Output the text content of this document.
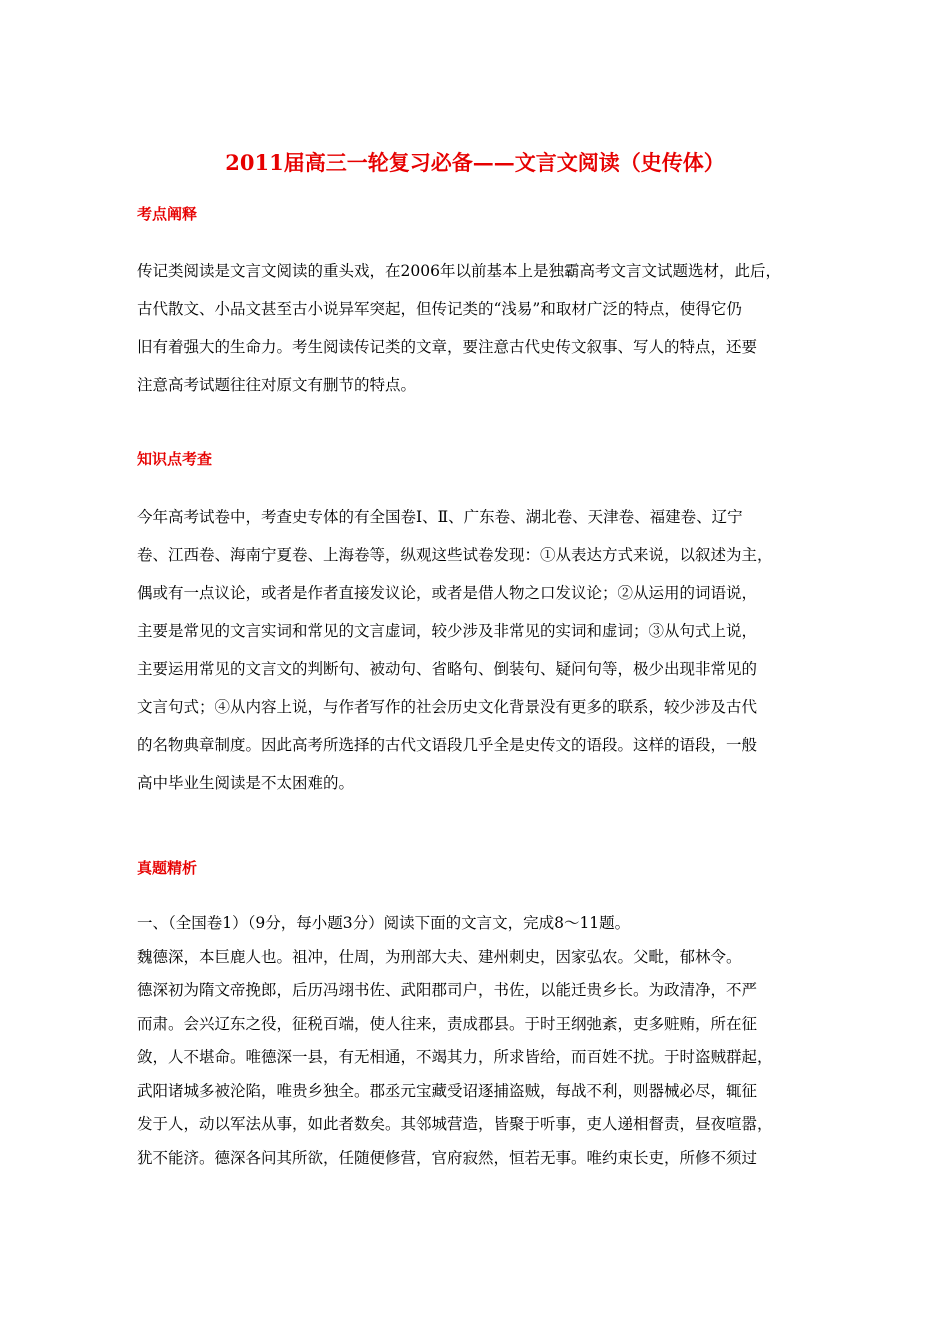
2011届高三一轮复习必备——文言文阅读（史传体）
考点阐释
传记类阅读是文言文阅读的重头戏，在2006年以前基本上是独霸高考文言文试题选材，此后，
古代散文、小品文甚至古小说异军突起，但传记类的“浅易”和取材广泛的特点，使得它仍
旧有着强大的生命力。考生阅读传记类的文章，要注意古代史传文叙事、写人的特点，还要
注意高考试题往往对原文有删节的特点。
知识点考查
今年高考试卷中，考查史专体的有全国卷Ⅰ、Ⅱ、广东卷、湖北卷、天津卷、福建卷、辽宁
卷、江西卷、海南宁夏卷、上海卷等，纵观这些试卷发现：①从表达方式来说，以叙述为主，
偶或有一点议论，或者是作者直接发议论，或者是借人物之口发议论；②从运用的词语说，
主要是常见的文言实词和常见的文言虚词，较少涉及非常见的实词和虚词；③从句式上说，
主要运用常见的文言文的判断句、被动句、省略句、倒装句、疑问句等，极少出现非常见的
文言句式；④从内容上说，与作者写作的社会历史文化背景没有更多的联系，较少涉及古代
的名物典章制度。因此高考所选择的古代文语段几乎全是史传文的语段。这样的语段，一般
高中毕业生阅读是不太困难的。
真题精析
一、（全国卷1）（9分，每小题3分）阅读下面的文言文，完成8～11题。
魏德深，本巨鹿人也。祖冲，仕周，为刑部大夫、建州刺史，因家弘农。父毗，郁林令。
德深初为隋文帝挽郎，后历冯翊书佐、武阳郡司户，书佐，以能迁贵乡长。为政清净，不严
而肃。会兴辽东之役，征税百端，使人往来，责成郡县。于时王纲弛紊，吏多赃贿，所在征
敛，人不堪命。唯德深一县，有无相通，不竭其力，所求皆给，而百姓不扰。于时盗贼群起，
武阳诸城多被沦陷，唯贵乡独全。郡丞元宝藏受诏逐捕盗贼，每战不利，则器械必尽，辄征
发于人，动以军法从事，如此者数矣。其邻城营造，皆聚于听事，吏人递相督责，昼夜喧嚣，
犹不能济。德深各问其所欲，任随便修营，官府寂然，恒若无事。唯约束长吏，所修不须过
